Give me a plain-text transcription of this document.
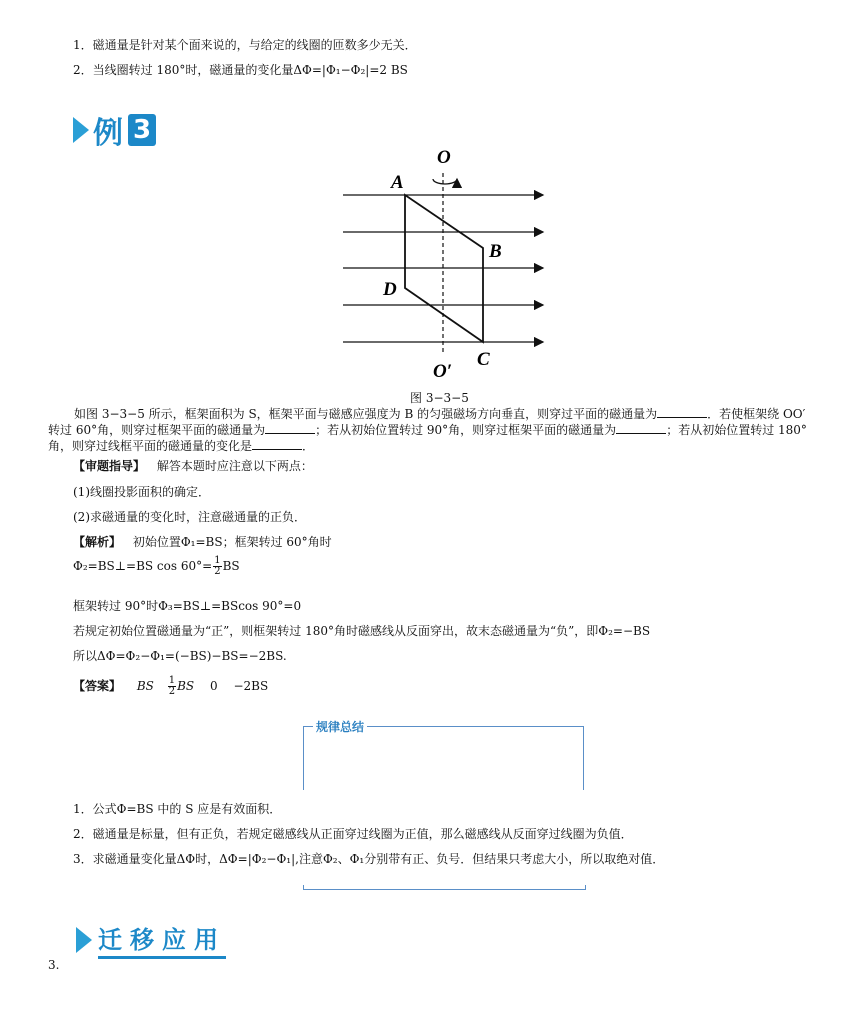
1．磁通量是针对某个面来说的，与给定的线圈的匝数多少无关．
2．当线圈转过 180°时，磁通量的变化量ΔΦ=|Φ₁−Φ₂|=2 BS
例 3
O
A
B
D
C
O′
图 3−3−5
如图 3−3−5 所示，框架面积为 S，框架平面与磁感应强度为 B 的匀强磁场方向垂直，则穿过平面的磁通量为	．若使框架绕 OO′ 转过 60°角，则穿过框架平面的磁通量为	；若从初始位置转过 90°角，则穿过框架平面的磁通量为	；若从初始位置转过 180°角，则穿过线框平面的磁通量的变化是	．
【审题指导】 解答本题时应注意以下两点：
(1)线圈投影面积的确定．
(2)求磁通量的变化时，注意磁通量的正负．
【解析】 初始位置Φ₁=BS；框架转过 60°角时
Φ₂=BS⊥=BS $\cos 60^\circ= \frac{1}{2}$ BS
框架转过 90°时Φ₃=BS⊥=BScos 90°=0
若规定初始位置磁通量为“正”，则框架转过 180°角时磁感线从反面穿出，故末态磁通量为“负”，即Φ₂=−BS
所以ΔΦ=Φ₂−Φ₁=(−BS)−BS=−2BS.
【答案】 BS $\frac{1}{2}$ BS 0 −2BS
规律总结
1．公式Φ=BS 中的 S 应是有效面积．
2．磁通量是标量，但有正负，若规定磁感线从正面穿过线圈为正值，那么磁感线从反面穿过线圈为负值．
3．求磁通量变化量ΔΦ时，ΔΦ=|Φ₂−Φ₁|,注意Φ₂、Φ₁分别带有正、负号．但结果只考虑大小，所以取绝对值．
迁移应用
3.
